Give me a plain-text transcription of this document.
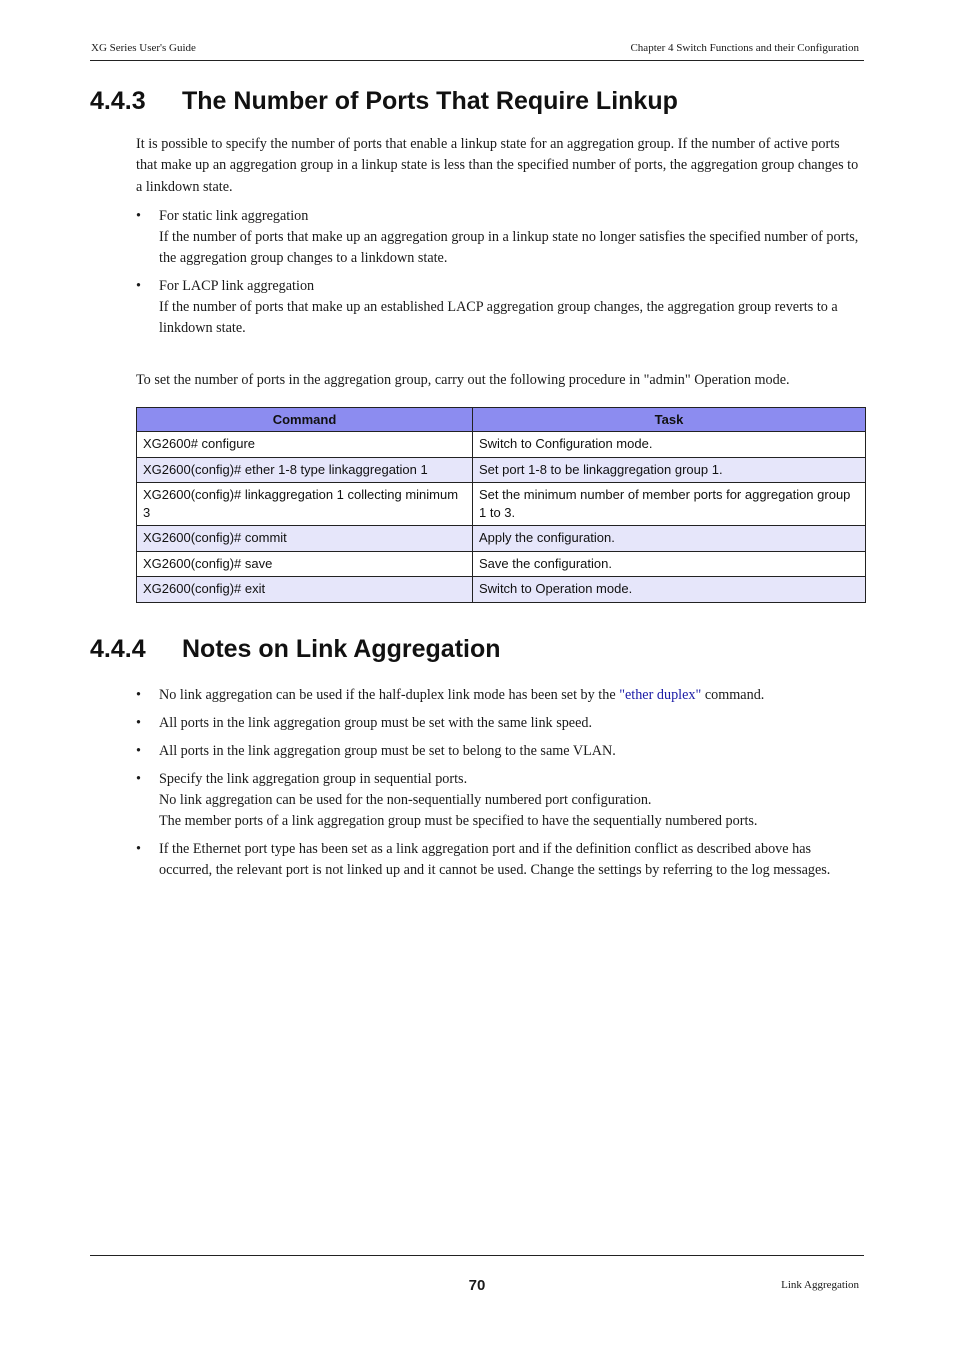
XG Series User's Guide	Chapter 4 Switch Functions and their Configuration
4.4.3 The Number of Ports That Require Linkup

It is possible to specify the number of ports that enable a linkup state for an aggregation group. If the number of active ports that make up an aggregation group in a linkup state is less than the specified number of ports, the aggregation group changes to a linkdown state.

• For static link aggregation
If the number of ports that make up an aggregation group in a linkup state no longer satisfies the specified number of ports, the aggregation group changes to a linkdown state.
• For LACP link aggregation
If the number of ports that make up an established LACP aggregation group changes, the aggregation group reverts to a linkdown state.

To set the number of ports in the aggregation group, carry out the following procedure in "admin" Operation mode.

Command	Task
XG2600# configure	Switch to Configuration mode.
XG2600(config)# ether 1-8 type linkaggregation 1	Set port 1-8 to be linkaggregation group 1.
XG2600(config)# linkaggregation 1 collecting minimum 3	Set the minimum number of member ports for aggregation group 1 to 3.
XG2600(config)# commit	Apply the configuration.
XG2600(config)# save	Save the configuration.
XG2600(config)# exit	Switch to Operation mode.
4.4.4 Notes on Link Aggregation
• No link aggregation can be used if the half-duplex link mode has been set by the "ether duplex" command.
• All ports in the link aggregation group must be set with the same link speed.
• All ports in the link aggregation group must be set to belong to the same VLAN.
• Specify the link aggregation group in sequential ports.
No link aggregation can be used for the non-sequentially numbered port configuration.
The member ports of a link aggregation group must be specified to have the sequentially numbered ports.
• If the Ethernet port type has been set as a link aggregation port and if the definition conflict as described above has occurred, the relevant port is not linked up and it cannot be used. Change the settings by referring to the log messages.
70	Link Aggregation
